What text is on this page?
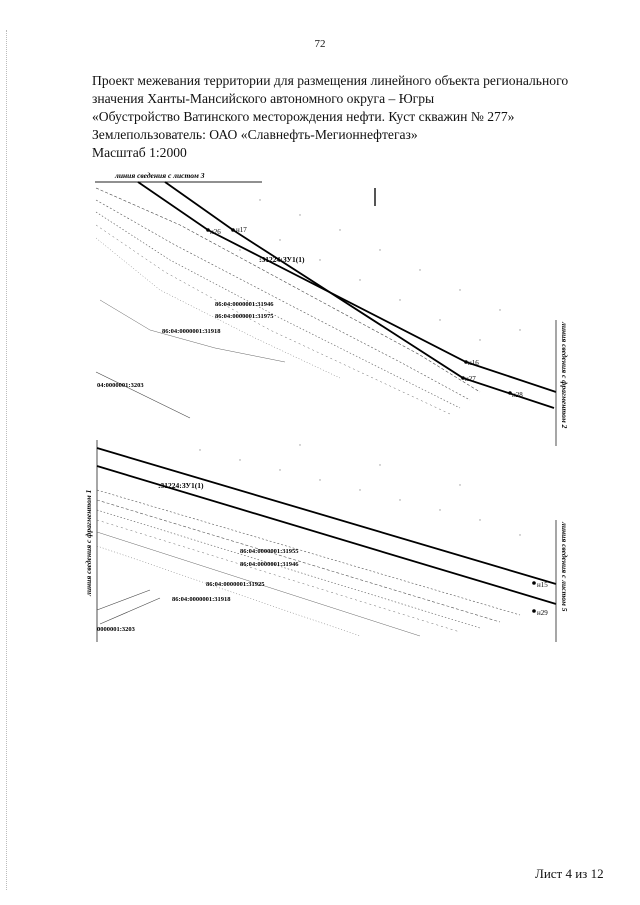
72
Проект межевания территории для размещения линейного объекта регионального
значения Ханты-Мансийского автономного округа – Югры
«Обустройство Ватинского месторождения нефти. Куст скважин № 277»
Землепользователь: ОАО «Славнефть-Мегионнефтегаз»
Масштаб 1:2000
линия сведения с листом 3
н26 н17
н16
н27
н28
:31224:ЗУ1(1)
86:04:0000001:31946
86:04:0000001:31975
86:04:0000001:31918
04:0000001:3203	линия сведения с фрагментом 2
линия сведения с фрагментом 1	н15
н29
:31224:ЗУ1(1)
86:04:0000001:31955
86:04:0000001:31946
86:04:0000001:31925
86:04:0000001:31918
0000001:3203
линия сведения с листом 5
Лист 4 из 12
